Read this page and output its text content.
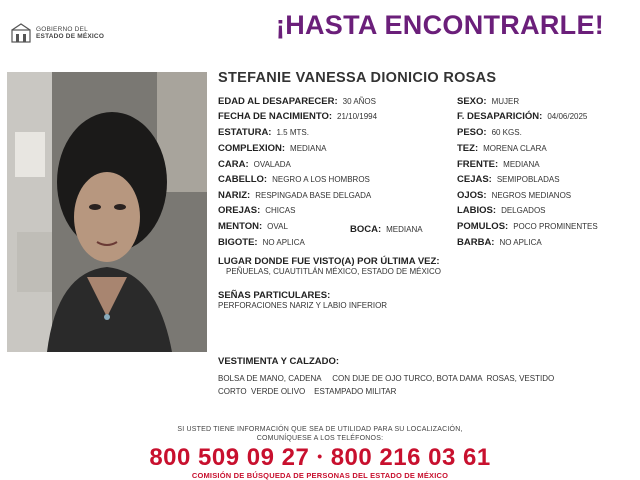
GOBIERNO DEL
ESTADO DE MÉXICO	¡HASTA ENCONTRARLE!
STEFANIE VANESSA DIONICIO ROSAS
EDAD AL DESAPARECER: 30 AÑOS
FECHA DE NACIMIENTO: 21/10/1994
ESTATURA: 1.5 MTS.
COMPLEXION: MEDIANA
CARA: OVALADA
CABELLO: NEGRO A LOS HOMBROS
NARIZ: RESPINGADA BASE DELGADA
OREJAS: CHICAS
MENTON: OVAL	BOCA: MEDIANA
BIGOTE: NO APLICA
SEXO: MUJER
F. DESAPARICIÓN: 04/06/2025
PESO: 60 KGS.
TEZ: MORENA CLARA
FRENTE: MEDIANA
CEJAS: SEMIPOBLADAS
OJOS: NEGROS MEDIANOS
LABIOS: DELGADOS
POMULOS: POCO PROMINENTES
BARBA: NO APLICA
LUGAR DONDE FUE VISTO(A) POR ÚLTIMA VEZ:
PEÑUELAS, CUAUTITLÁN MÉXICO, ESTADO DE MÉXICO
SEÑAS PARTICULARES:
PERFORACIONES NARIZ Y LABIO INFERIOR
VESTIMENTA Y CALZADO:
BOLSA DE MANO, CADENA     CON DIJE DE OJO TURCO, BOTA DAMA  ROSAS, VESTIDO
CORTO  VERDE OLIVO    ESTAMPADO MILITAR
SI USTED TIENE INFORMACIÓN QUE SEA DE UTILIDAD PARA SU LOCALIZACIÓN,
COMUNÍQUESE A LOS TELÉFONOS:
800 509 09 27 • 800 216 03 61
COMISIÓN DE BÚSQUEDA DE PERSONAS DEL ESTADO DE MÉXICO
